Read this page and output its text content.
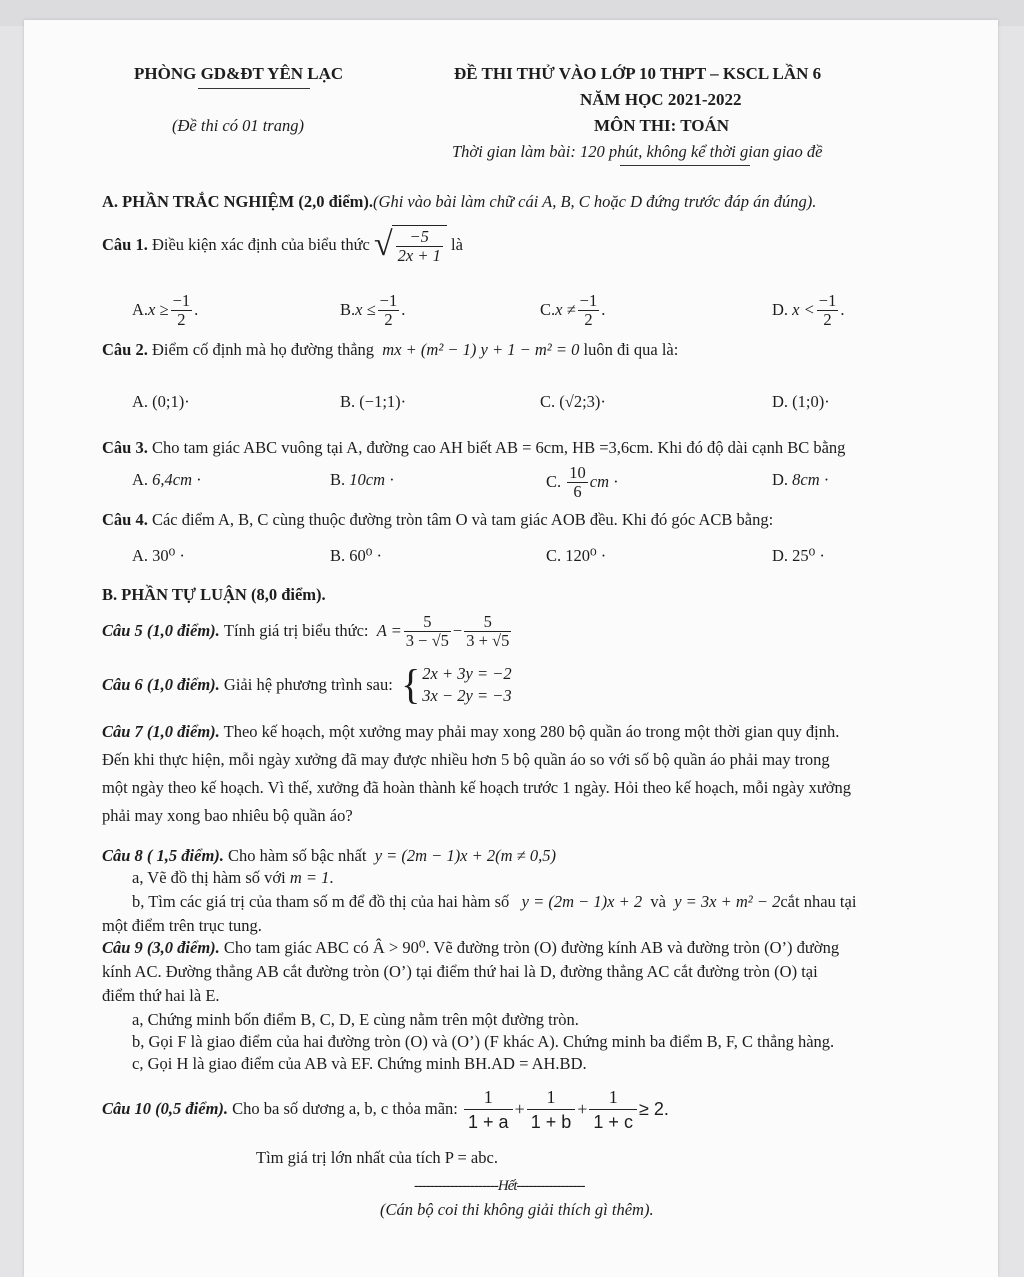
PHÒNG GD&ĐT YÊN LẠC
(Đề thi có 01 trang)
ĐỀ THI THỬ VÀO LỚP 10 THPT – KSCL LẦN 6
NĂM HỌC 2021-2022
MÔN THI: TOÁN
Thời gian làm bài: 120 phút, không kể thời gian giao đề
A. PHẦN TRẮC NGHIỆM (2,0 điểm).(Ghi vào bài làm chữ cái A, B, C hoặc D đứng trước đáp án đúng).
Câu 1.
Điều kiện xác định của biểu thức
√ $\frac{-5}{2x + 1}$
là
A. $x \ge \frac{-1}{2}$ .	B. $x \le \frac{-1}{2}$ .	C. $x \ne \frac{-1}{2}$ .	D.
$x < \frac{-1}{2}$ .
Câu 2. Điểm cố định mà họ đường thẳng mx + (m² − 1) y + 1 − m² = 0 luôn đi qua là:
A. (0;1)·	B. (−1;1)·	C. (√2;3)·	D. (1;0)·
Câu 3. Cho tam giác ABC vuông tại A, đường cao AH biết AB = 6cm, HB =3,6cm. Khi đó độ dài cạnh BC bằng
A. 6,4cm ·	B. 10cm ·	C.
$\frac{10}{6}$ cm ·	D. 8cm ·
Câu 4. Các điểm A, B, C cùng thuộc đường tròn tâm O và tam giác AOB đều. Khi đó góc ACB bằng:
A. 30⁰ ·	B. 60⁰ ·	C. 120⁰ ·	D. 25⁰ ·
B. PHẦN TỰ LUẬN (8,0 điểm).
Câu 5 (1,0 điểm).
Tính giá trị biểu thức:
$A = \frac{5}{3 - √5} - \frac{5}{3 + √5}$
Câu 6 (1,0 điểm).
Giải hệ phương trình sau:
{ 2x + 3y = −2
3x − 2y = −3
Câu 7 (1,0 điểm). Theo kế hoạch, một xưởng may phải may xong 280 bộ quần áo trong một thời gian quy định.
Đến khi thực hiện, mỗi ngày xưởng đã may được nhiều hơn 5 bộ quần áo so với số bộ quần áo phải may trong
một ngày theo kế hoạch. Vì thế, xưởng đã hoàn thành kế hoạch trước 1 ngày. Hỏi theo kế hoạch, mỗi ngày xưởng
phải may xong bao nhiêu bộ quần áo?
Câu 8 ( 1,5 điểm). Cho hàm số bậc nhất y = (2m − 1)x + 2(m ≠ 0,5)
a, Vẽ đồ thị hàm số với m = 1.
b, Tìm các giá trị của tham số m để đồ thị của hai hàm số y = (2m − 1)x + 2 và y = 3x + m² − 2cắt nhau tại
một điểm trên trục tung.
Câu 9 (3,0 điểm). Cho tam giác ABC có Â > 90⁰. Vẽ đường tròn (O) đường kính AB và đường tròn (O’) đường
kính AC. Đường thẳng AB cắt đường tròn (O’) tại điểm thứ hai là D, đường thẳng AC cắt đường tròn (O) tại
điểm thứ hai là E.
a, Chứng minh bốn điểm B, C, D, E cùng nằm trên một đường tròn.
b, Gọi F là giao điểm của hai đường tròn (O) và (O’) (F khác A). Chứng minh ba điểm B, F, C thẳng hàng.
c, Gọi H là giao điểm của AB và EF. Chứng minh BH.AD = AH.BD.
Câu 10 (0,5 điểm).
Cho ba số dương a, b, c thỏa mãn:
$\frac{1}{1 + a} + \frac{1}{1 + b} + \frac{1}{1 + c} \ge 2$.
Tìm giá trị lớn nhất của tích P = abc.
---------------------Hết-----------------
(Cán bộ coi thi không giải thích gì thêm).
